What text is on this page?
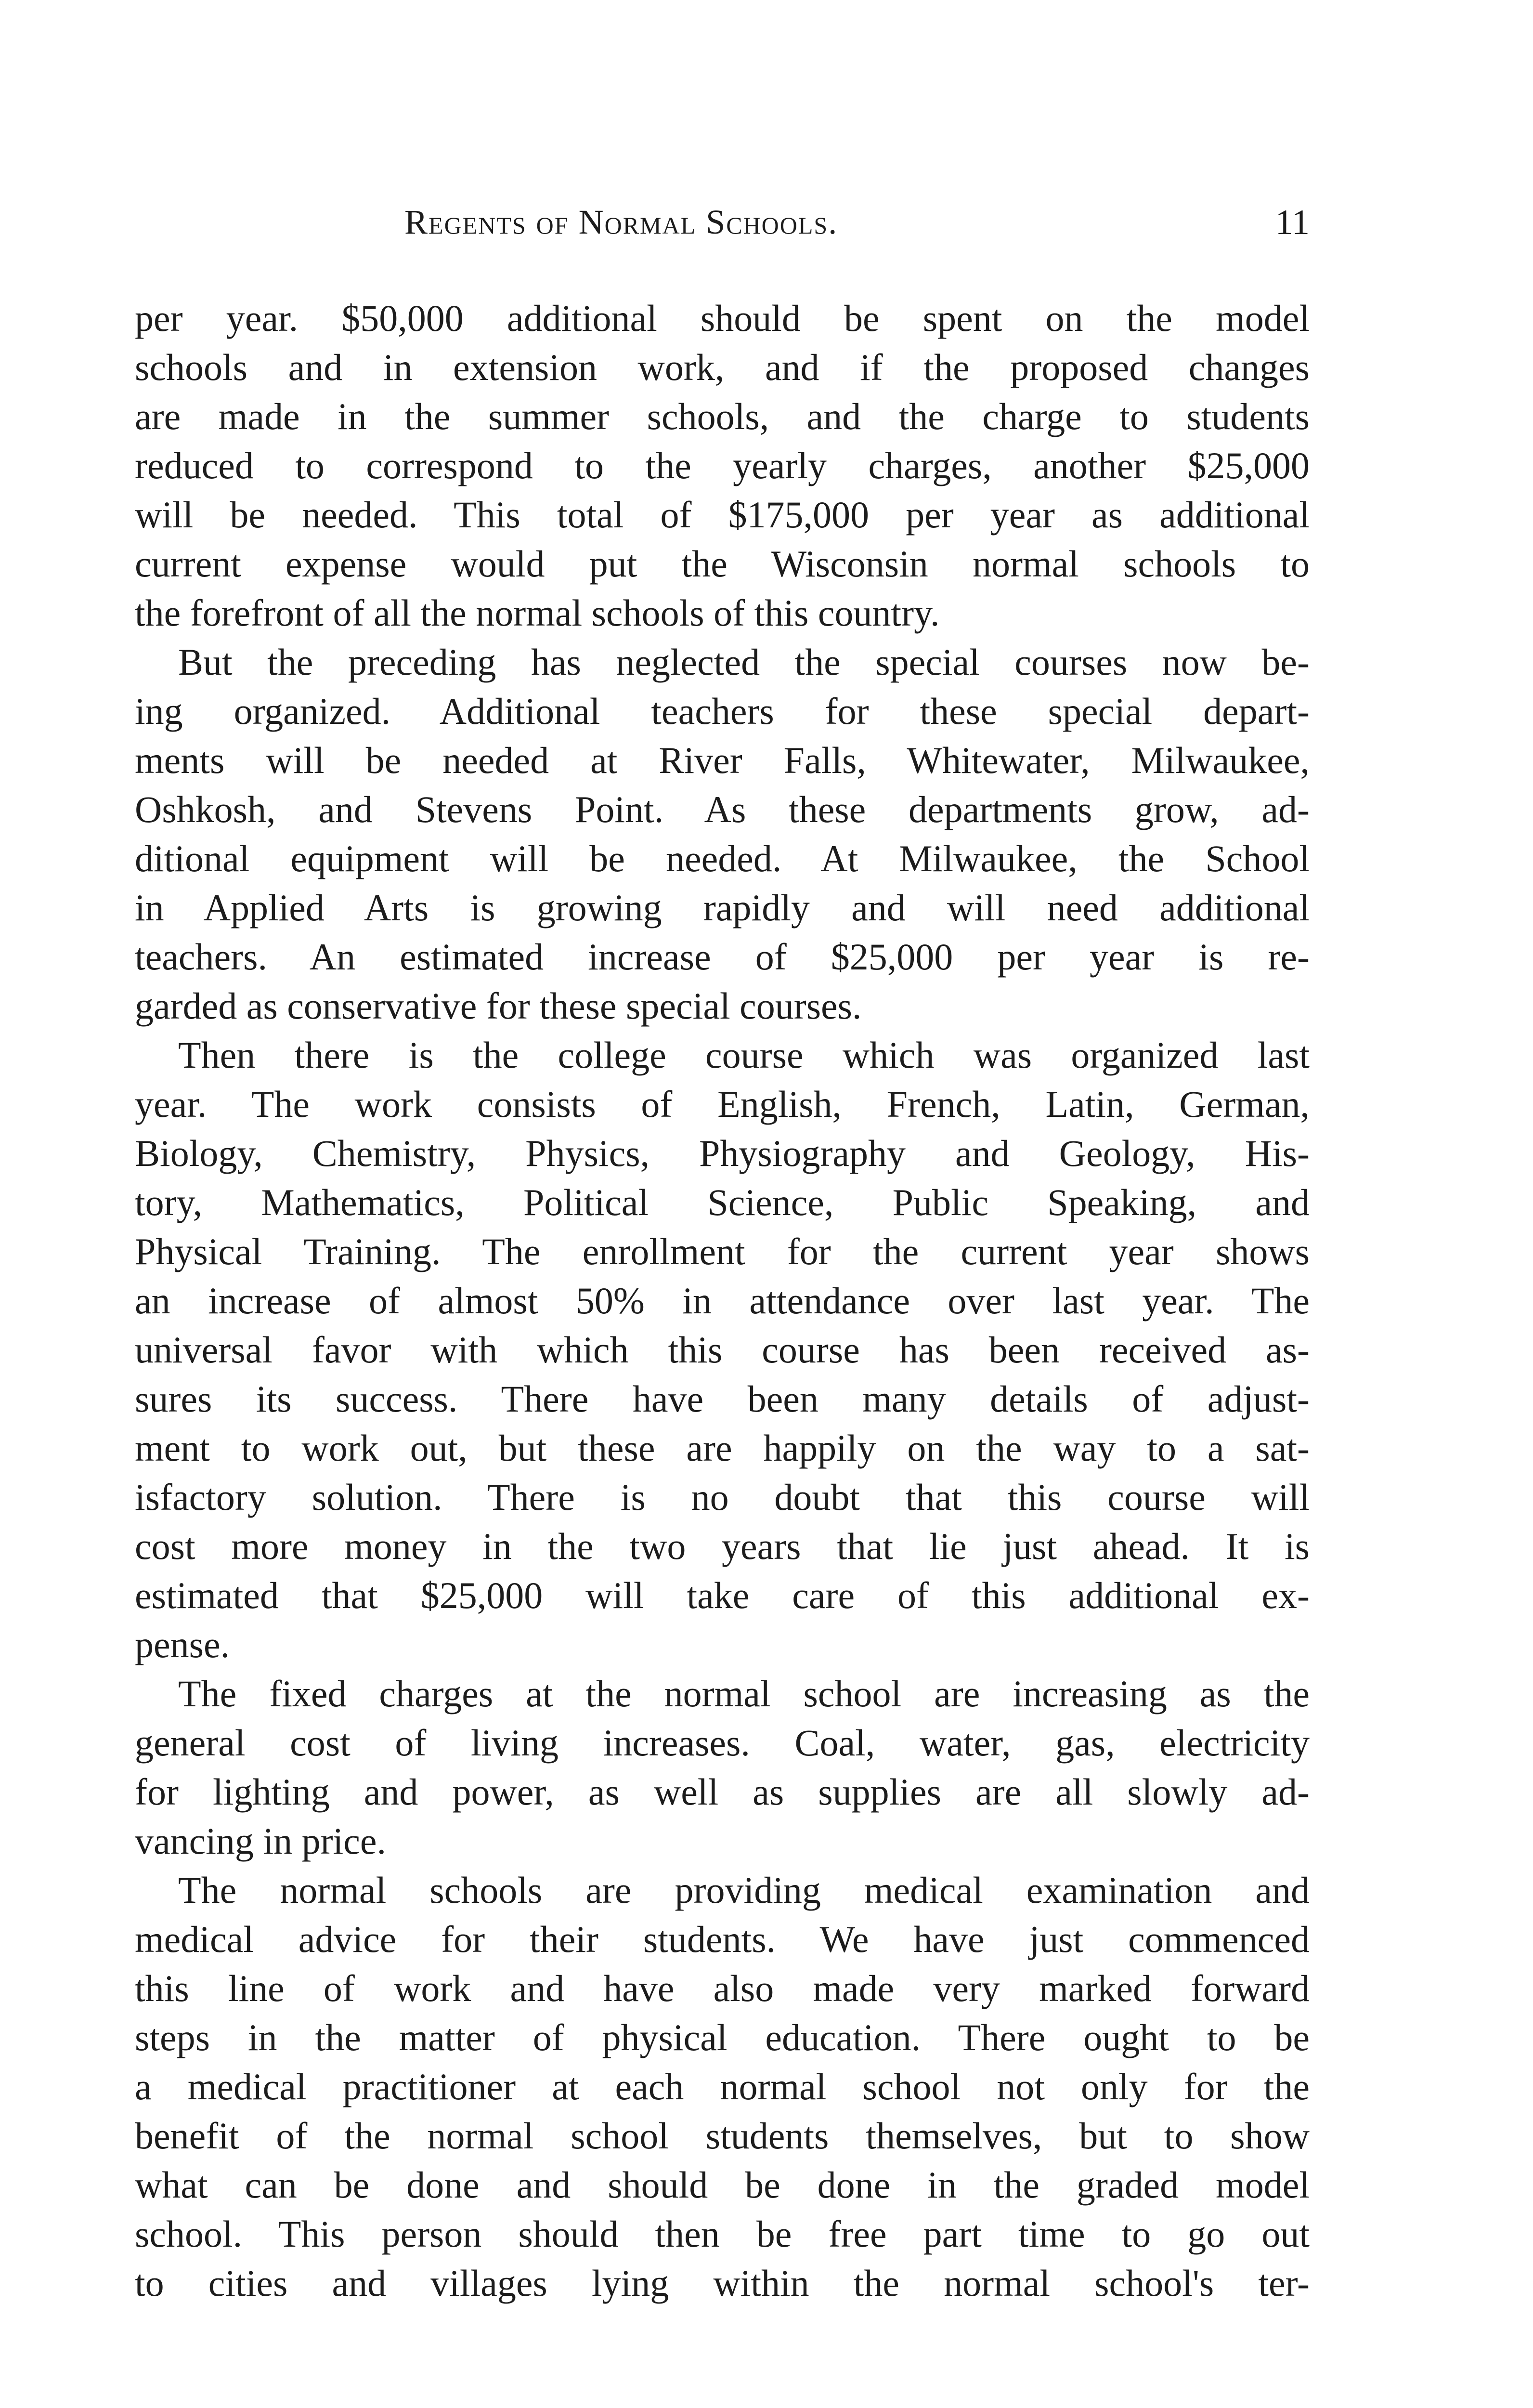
Regents of Normal Schools.	11
per year. $50,000 additional should be spent on the model
schools and in extension work, and if the proposed changes
are made in the summer schools, and the charge to students
reduced to correspond to the yearly charges, another $25,000
will be needed. This total of $175,000 per year as additional
current expense would put the Wisconsin normal schools to
the forefront of all the normal schools of this country.
But the preceding has neglected the special courses now be-
ing organized. Additional teachers for these special depart-
ments will be needed at River Falls, Whitewater, Milwaukee,
Oshkosh, and Stevens Point. As these departments grow, ad-
ditional equipment will be needed. At Milwaukee, the School
in Applied Arts is growing rapidly and will need additional
teachers. An estimated increase of $25,000 per year is re-
garded as conservative for these special courses.
Then there is the college course which was organized last
year. The work consists of English, French, Latin, German,
Biology, Chemistry, Physics, Physiography and Geology, His-
tory, Mathematics, Political Science, Public Speaking, and
Physical Training. The enrollment for the current year shows
an increase of almost 50% in attendance over last year. The
universal favor with which this course has been received as-
sures its success. There have been many details of adjust-
ment to work out, but these are happily on the way to a sat-
isfactory solution. There is no doubt that this course will
cost more money in the two years that lie just ahead. It is
estimated that $25,000 will take care of this additional ex-
pense.
The fixed charges at the normal school are increasing as the
general cost of living increases. Coal, water, gas, electricity
for lighting and power, as well as supplies are all slowly ad-
vancing in price.
The normal schools are providing medical examination and
medical advice for their students. We have just commenced
this line of work and have also made very marked forward
steps in the matter of physical education. There ought to be
a medical practitioner at each normal school not only for the
benefit of the normal school students themselves, but to show
what can be done and should be done in the graded model
school. This person should then be free part time to go out
to cities and villages lying within the normal school's ter-
